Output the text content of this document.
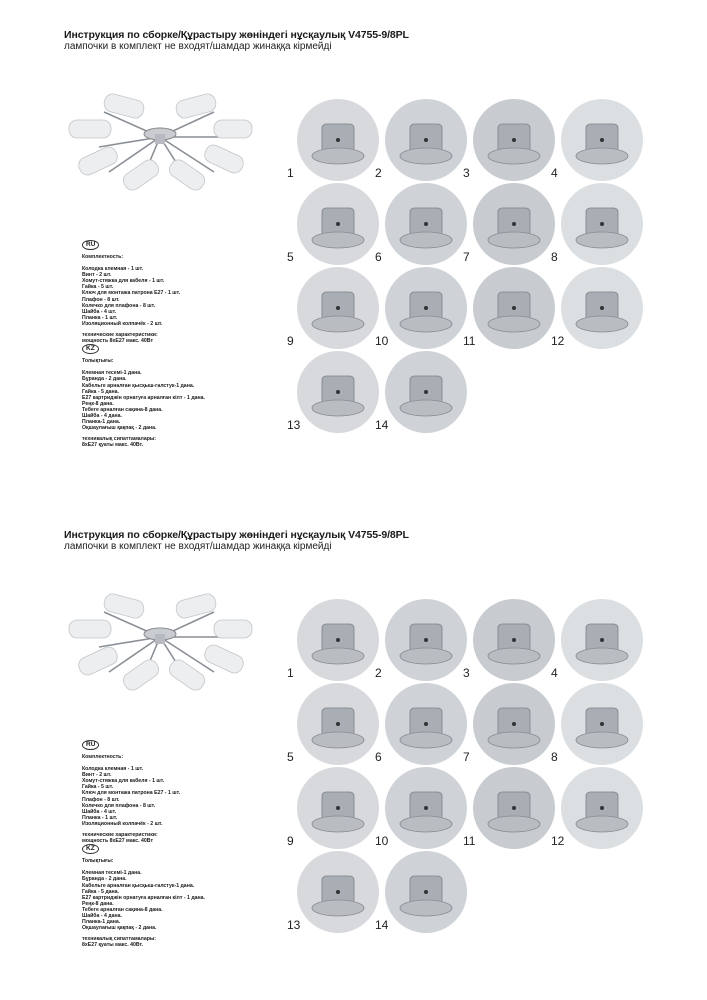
Инструкция по сборке/Құрастыру жөніндегі нұсқаулық V4755-9/8PL
лампочки в комплект не входят/шамдар жинаққа кірмейді
RU
Комплектность:
Колодка клемная - 1 шт.
Винт - 2 шт.
Хомут-стяжка для кабеля - 1 шт.
Гайка - 5 шт.
Ключ для монтажа патрона Е27 - 1 шт.
Плафон - 8 шт.
Колечко для плафона - 8 шт.
Шайба - 4 шт.
Планка - 1 шт.
Изоляционный колпачёк - 2 шт.
технические характеристики:
мощность 8хЕ27 макс. 40Вт
KZ
Толықтығы:
Клемная тесемі-1 дана.
Бұранда - 2 дана.
Кабельге арналған қысқыш-галстук-1 дана.
Гайка - 5 дана.
Е27 картриджін орнатуға арналған кілт - 1 дана.
Реңк-8 дана.
Тебеге арналған сақина-8 дана.
Шайба - 4 дана.
Планка-1 дана.
Оқшаулағыш қақпақ - 2 дана.
техникалық сипаттамалары:
8хЕ27 қуаты макс. 40Вт.
1	2	3	4
5	6	7	8
9	10	11	12
13	14
Инструкция по сборке/Құрастыру жөніндегі нұсқаулық V4755-9/8PL
лампочки в комплект не входят/шамдар жинаққа кірмейді
RU
Комплектность:
Колодка клемная - 1 шт.
Винт - 2 шт.
Хомут-стяжка для кабеля - 1 шт.
Гайка - 5 шт.
Ключ для монтажа патрона Е27 - 1 шт.
Плафон - 8 шт.
Колечко для плафона - 8 шт.
Шайба - 4 шт.
Планка - 1 шт.
Изоляционный колпачёк - 2 шт.
технические характеристики:
мощность 8хЕ27 макс. 40Вт
KZ
Толықтығы:
Клемная тесемі-1 дана.
Бұранда - 2 дана.
Кабельге арналған қысқыш-галстук-1 дана.
Гайка - 5 дана.
Е27 картриджін орнатуға арналған кілт - 1 дана.
Реңк-8 дана.
Тебеге арналған сақина-8 дана.
Шайба - 4 дана.
Планка-1 дана.
Оқшаулағыш қақпақ - 2 дана.
техникалық сипаттамалары:
8хЕ27 қуаты макс. 40Вт.
1	2	3	4
5	6	7	8
9	10	11	12
13	14
